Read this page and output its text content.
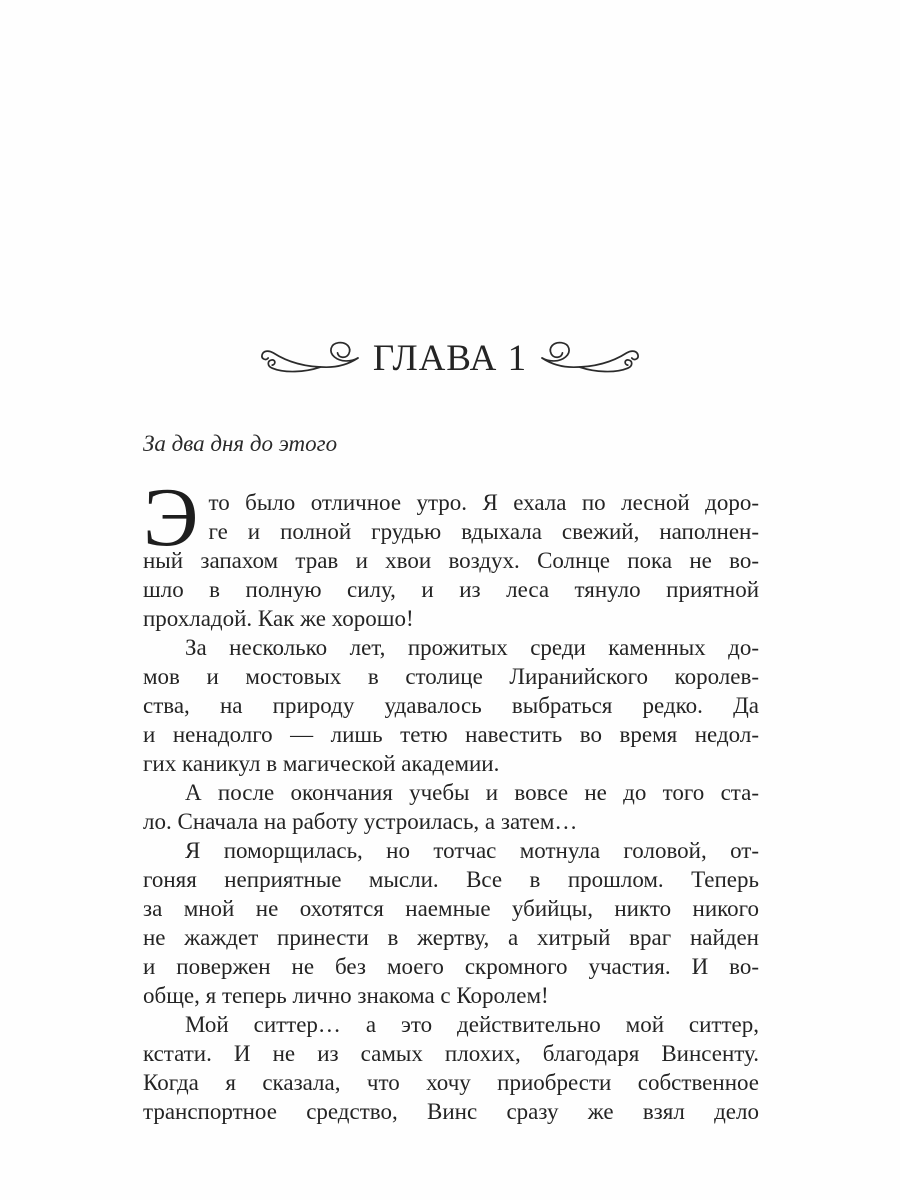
ГЛАВА 1
За два дня до этого
Э то было отличное утро. Я ехала по лесной доро-
ге и полной грудью вдыхала свежий, наполнен-
ный запахом трав и хвои воздух. Солнце пока не во-
шло в полную силу, и из леса тянуло приятной
прохладой. Как же хорошо!
За несколько лет, прожитых среди каменных до-
мов и мостовых в столице Лиранийского королев-
ства, на природу удавалось выбраться редко. Да
и ненадолго — лишь тетю навестить во время недол-
гих каникул в магической академии.
А после окончания учебы и вовсе не до того ста-
ло. Сначала на работу устроилась, а затем…
Я поморщилась, но тотчас мотнула головой, от-
гоняя неприятные мысли. Все в прошлом. Теперь
за мной не охотятся наемные убийцы, никто никого
не жаждет принести в жертву, а хитрый враг найден
и повержен не без моего скромного участия. И во-
обще, я теперь лично знакома с Королем!
Мой ситтер… а это действительно мой ситтер,
кстати. И не из самых плохих, благодаря Винсенту.
Когда я сказала, что хочу приобрести собственное
транспортное средство, Винс сразу же взял дело
